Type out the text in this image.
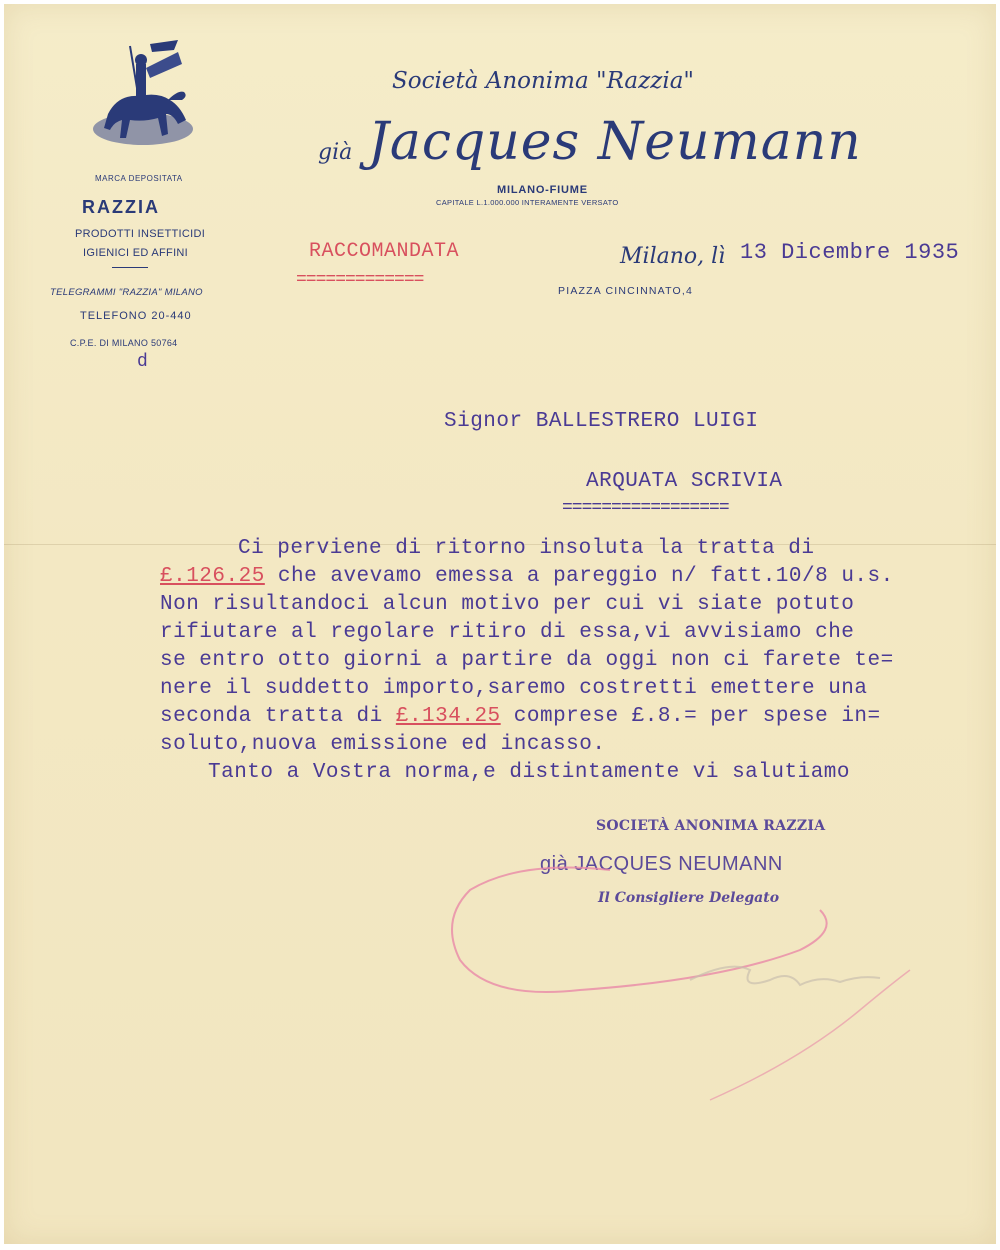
MARCA DEPOSITATA
RAZZIA
PRODOTTI INSETTICIDI
IGIENICI ED AFFINI
TELEGRAMMI "RAZZIA" MILANO
TELEFONO 20-440
C.P.E. DI MILANO 50764
d
Società Anonima "Razzia"
già Jacques Neumann
MILANO-FIUME
CAPITALE L.1.000.000 INTERAMENTE VERSATO
RACCOMANDATA
=============
Milano, lì 13 Dicembre 1935
PIAZZA CINCINNATO,4
Signor BALLESTRERO LUIGI
ARQUATA SCRIVIA
=================
Ci perviene di ritorno insoluta la tratta di
£.126.25 che avevamo emessa a pareggio n/ fatt.10/8 u.s.
Non risultandoci alcun motivo per cui vi siate potuto
rifiutare al regolare ritiro di essa,vi avvisiamo che
se entro otto giorni a partire da oggi non ci farete te=
nere il suddetto importo,saremo costretti emettere una
seconda tratta di £.134.25 comprese £.8.= per spese in=
soluto,nuova emissione ed incasso.
Tanto a Vostra norma,e distintamente vi salutiamo
SOCIETÀ ANONIMA RAZZIA
già JACQUES NEUMANN
Il Consigliere Delegato
